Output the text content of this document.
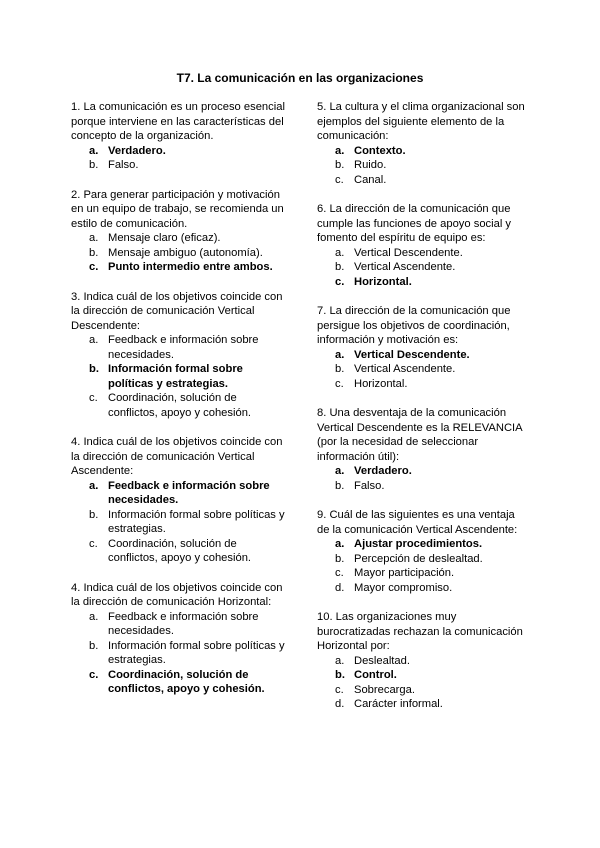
T7. La comunicación en las organizaciones

1. La comunicación es un proceso esencial porque interviene en las características del concepto de la organización.

a. Verdadero.
b. Falso.

2. Para generar participación y motivación en un equipo de trabajo, se recomienda un estilo de comunicación.

a. Mensaje claro (eficaz).
b. Mensaje ambiguo (autonomía).
c. Punto intermedio entre ambos.

3. Indica cuál de los objetivos coincide con la dirección de comunicación Vertical Descendente:

a. Feedback e información sobre necesidades.
b. Información formal sobre políticas y estrategias.
c. Coordinación, solución de conflictos, apoyo y cohesión.

4. Indica cuál de los objetivos coincide con la dirección de comunicación Vertical Ascendente:

a. Feedback e información sobre necesidades.
b. Información formal sobre políticas y estrategias.
c. Coordinación, solución de conflictos, apoyo y cohesión.

4. Indica cuál de los objetivos coincide con la dirección de comunicación Horizontal:

a. Feedback e información sobre necesidades.
b. Información formal sobre políticas y estrategias.
c. Coordinación, solución de conflictos, apoyo y cohesión.

5. La cultura y el clima organizacional son ejemplos del siguiente elemento de la comunicación:

a. Contexto.
b. Ruido.
c. Canal.

6. La dirección de la comunicación que cumple las funciones de apoyo social y fomento del espíritu de equipo es:

a. Vertical Descendente.
b. Vertical Ascendente.
c. Horizontal.

7. La dirección de la comunicación que persigue los objetivos de coordinación, información y motivación es:

a. Vertical Descendente.
b. Vertical Ascendente.
c. Horizontal.

8. Una desventaja de la comunicación Vertical Descendente es la RELEVANCIA (por la necesidad de seleccionar información útil):

a. Verdadero.
b. Falso.

9. Cuál de las siguientes es una ventaja de la comunicación Vertical Ascendente:

a. Ajustar procedimientos.
b. Percepción de deslealtad.
c. Mayor participación.
d. Mayor compromiso.

10. Las organizaciones muy burocratizadas rechazan la comunicación Horizontal por:

a. Deslealtad.
b. Control.
c. Sobrecarga.
d. Carácter informal.
